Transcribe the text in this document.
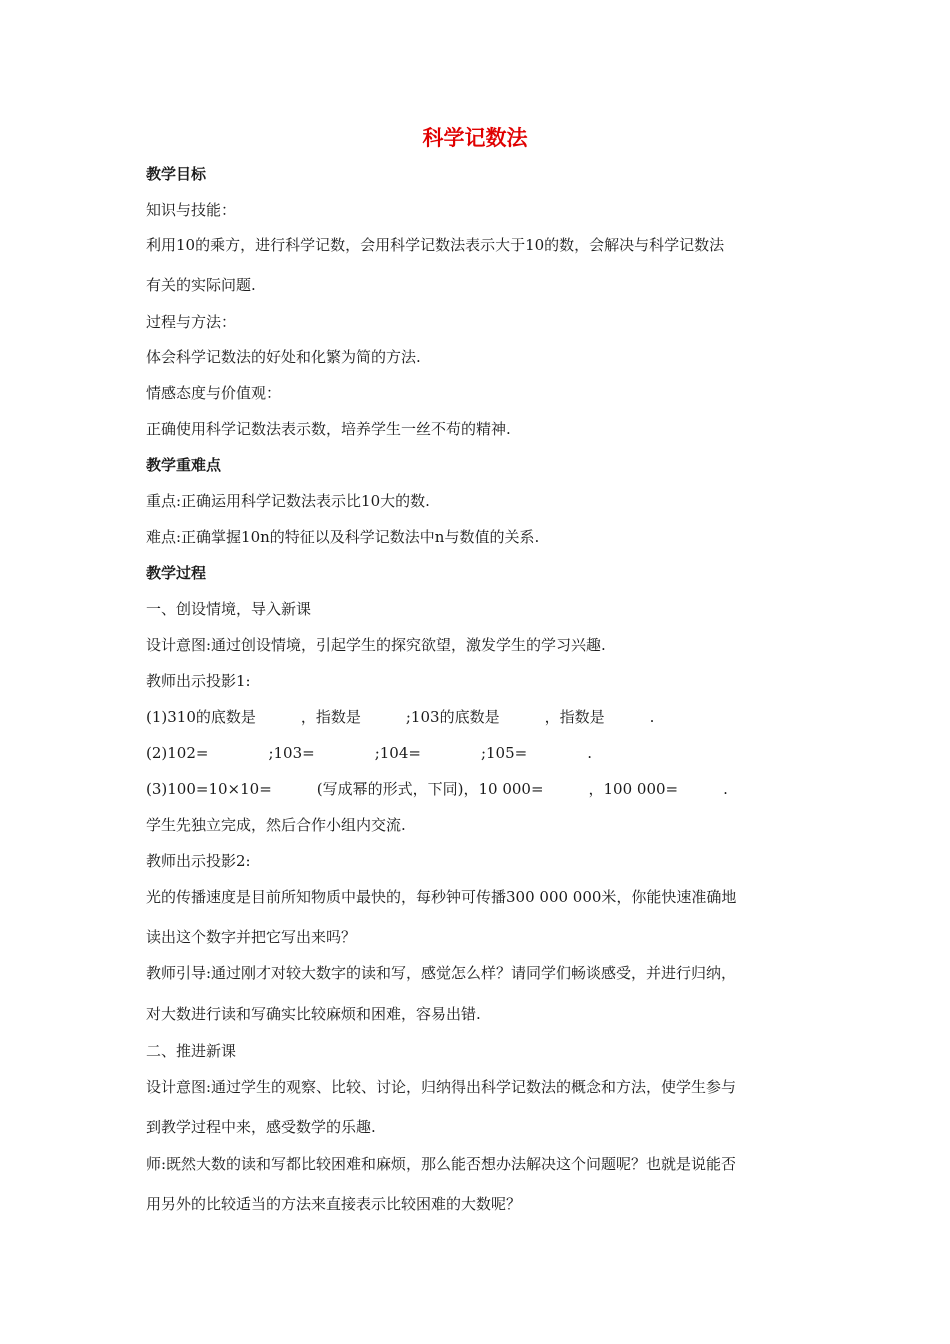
科学记数法
教学目标
知识与技能：
利用10的乘方，进行科学记数，会用科学记数法表示大于10的数，会解决与科学记数法
有关的实际问题.
过程与方法：
体会科学记数法的好处和化繁为简的方法.
情感态度与价值观：
正确使用科学记数法表示数，培养学生一丝不苟的精神.
教学重难点
重点:正确运用科学记数法表示比10大的数.
难点:正确掌握10n的特征以及科学记数法中n与数值的关系.
教学过程
一、创设情境，导入新课
设计意图:通过创设情境，引起学生的探究欲望，激发学生的学习兴趣.
教师出示投影1:
(1)310的底数是　　　，指数是　　　;103的底数是　　　，指数是　　　.
(2)102=　　　　;103=　　　　;104=　　　　;105=　　　　.
(3)100=10×10=　　　(写成幂的形式，下同)，10 000=　　　，100 000=　　　.
学生先独立完成，然后合作小组内交流.
教师出示投影2:
光的传播速度是目前所知物质中最快的，每秒钟可传播300 000 000米，你能快速准确地
读出这个数字并把它写出来吗？
教师引导:通过刚才对较大数字的读和写，感觉怎么样？请同学们畅谈感受，并进行归纳，
对大数进行读和写确实比较麻烦和困难，容易出错.
二、推进新课
设计意图:通过学生的观察、比较、讨论，归纳得出科学记数法的概念和方法，使学生参与
到教学过程中来，感受数学的乐趣.
师:既然大数的读和写都比较困难和麻烦，那么能否想办法解决这个问题呢？也就是说能否
用另外的比较适当的方法来直接表示比较困难的大数呢？
